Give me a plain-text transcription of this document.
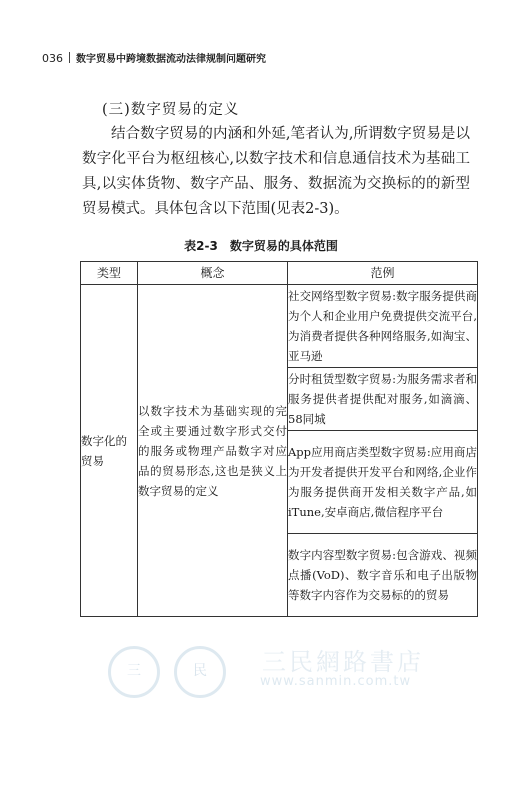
036 数字贸易中跨境数据流动法律规制问题研究
(三)数字贸易的定义

结合数字贸易的内涵和外延,笔者认为,所谓数字贸易是以数字化平台为枢纽核心,以数字技术和信息通信技术为基础工具,以实体货物、数字产品、服务、数据流为交换标的的新型贸易模式。具体包含以下范围(见表2-3)。

表2-3　数字贸易的具体范围
类型	概念	范例
数字化的贸易	以数字技术为基础实现的完全或主要通过数字形式交付的服务或物理产品数字对应品的贸易形态,这也是狭义上数字贸易的定义	社交网络型数字贸易:数字服务提供商为个人和企业用户免费提供交流平台,为消费者提供各种网络服务,如淘宝、亚马逊
		分时租赁型数字贸易:为服务需求者和服务提供者提供配对服务,如滴滴、58同城
		App应用商店类型数字贸易:应用商店为开发者提供开发平台和网络,企业作为服务提供商开发相关数字产品,如iTune,安卓商店,微信程序平台
		数字内容型数字贸易:包含游戏、视频点播(VoD)、数字音乐和电子出版物等数字内容作为交易标的的贸易
三	民 三民網路書店
www.sanmin.com.tw
